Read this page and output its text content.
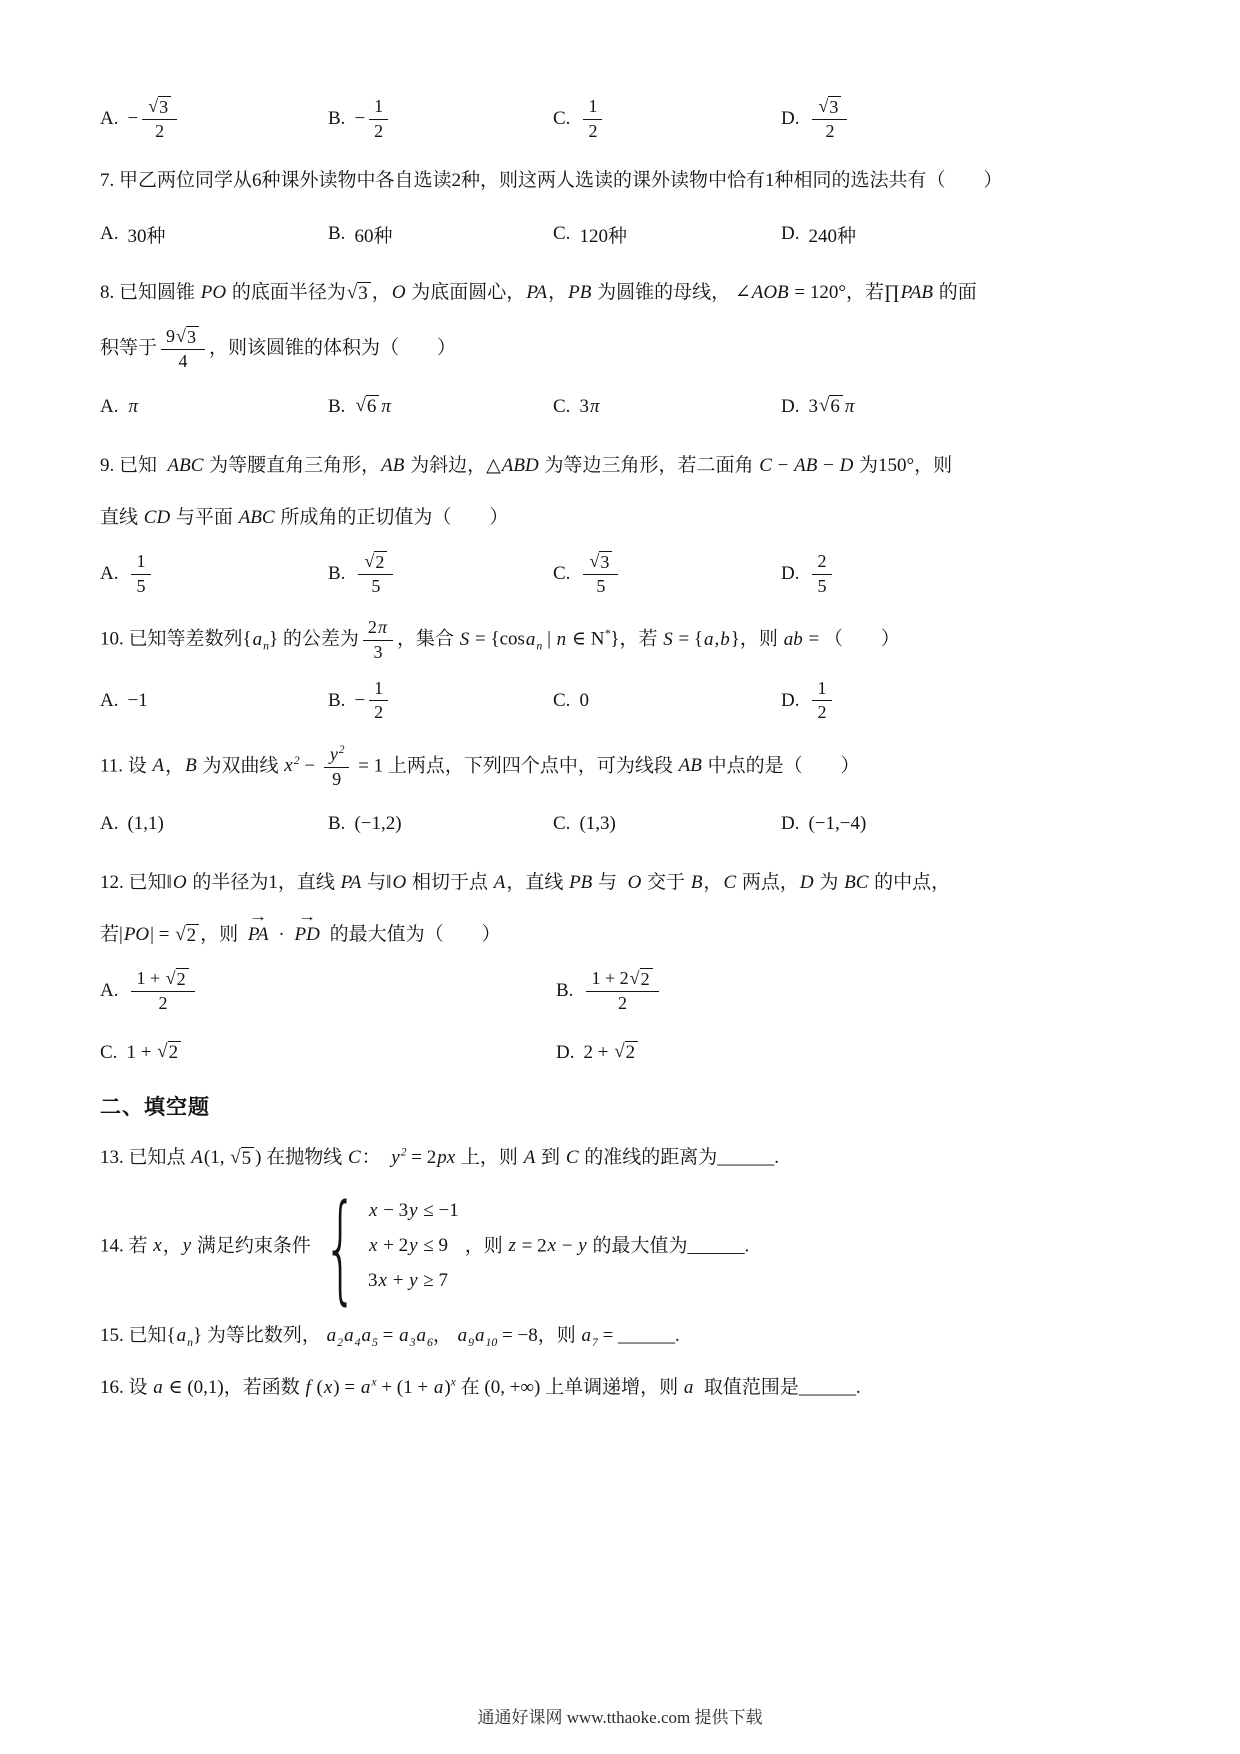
A. − $\frac{√ 3}{2}$	B. − $\frac{1}{2}$	C. $\frac{1}{2}$	D. $\frac{√ 3}{2}$
7. 甲乙两位同学从6种课外读物中各自选读2种，则这两人选读的课外读物中恰有1种相同的选法共有（　　）
A. 30种	B. 60种	C. 120种	D. 240种
8. 已知圆锥 PO 的底面半径为 √ 3 ，O 为底面圆心，PA，PB 为圆锥的母线， ∠AOB = 120°，若∏PAB 的面
积等于 $\frac{9 √ 3}{4}$ ，则该圆锥的体积为（　　）
A. π	B. √ 6 π	C. 3 π	D. 3 √ 6 π
9. 已知  ABC 为等腰直角三角形，AB 为斜边，△ABD 为等边三角形，若二面角 C − AB − D 为150°，则
直线 CD 与平面 ABC 所成角的正切值为（　　）
A. $\frac{1}{5}$	B. $\frac{√ 2}{5}$	C. $\frac{√ 3}{5}$	D. $\frac{2}{5}$
10. 已知等差数列$\{a_n\}$ 的公差为 $\frac{2\pi}{3}$ ，集合 S = {cosa$_n$ | n ∈ N*}，若 S = {a,b}，则 ab = （　　）
A. −1	B. − $\frac{1}{2}$	C. 0	D. $\frac{1}{2}$
11. 设 A，B 为双曲线 $x^2 - \frac{y^2}{9} = 1$ 上两点，下列四个点中，可为线段 AB 中点的是（　　）
A. (1,1)	B. (−1,2)	C. (1,3)	D. (−1,−4)
12. 已知‖O 的半径为1，直线 PA 与‖O 相切于点 A，直线 PB 与  O 交于 B，C 两点，D 为 BC 的中点，
若|PO| = √ 2 ，则 PA → · PD → 的最大值为（　　）
A. $\frac{1 + √ 2}{2}$	B. $\frac{1 + 2 √ 2}{2}$
C. 1 + √ 2	D. 2 + √ 2
二、填空题
13. 已知点 A(1, √ 5 ) 在抛物线 C：  $y^2 = 2px$ 上，则 A 到 C 的准线的距离为______.
14. 若 x，y 满足约束条件 { x − 3y ≤ −1
x + 2y ≤ 9
3x + y ≥ 7
，则 z = 2x − y 的最大值为______.
15. 已知$\{a_n\}$ 为等比数列， $a_2a_4a_5 = a_3a_6$， $a_9a_{10} = -8$，则 $a_7$ = ______.
16. 设 a ∈ (0,1)，若函数 f $(x) = a^x + (1 + a)^x$ 在 (0, +∞) 上单调递增，则 a  取值范围是______.
通通好课网 www.tthaoke.com 提供下载
